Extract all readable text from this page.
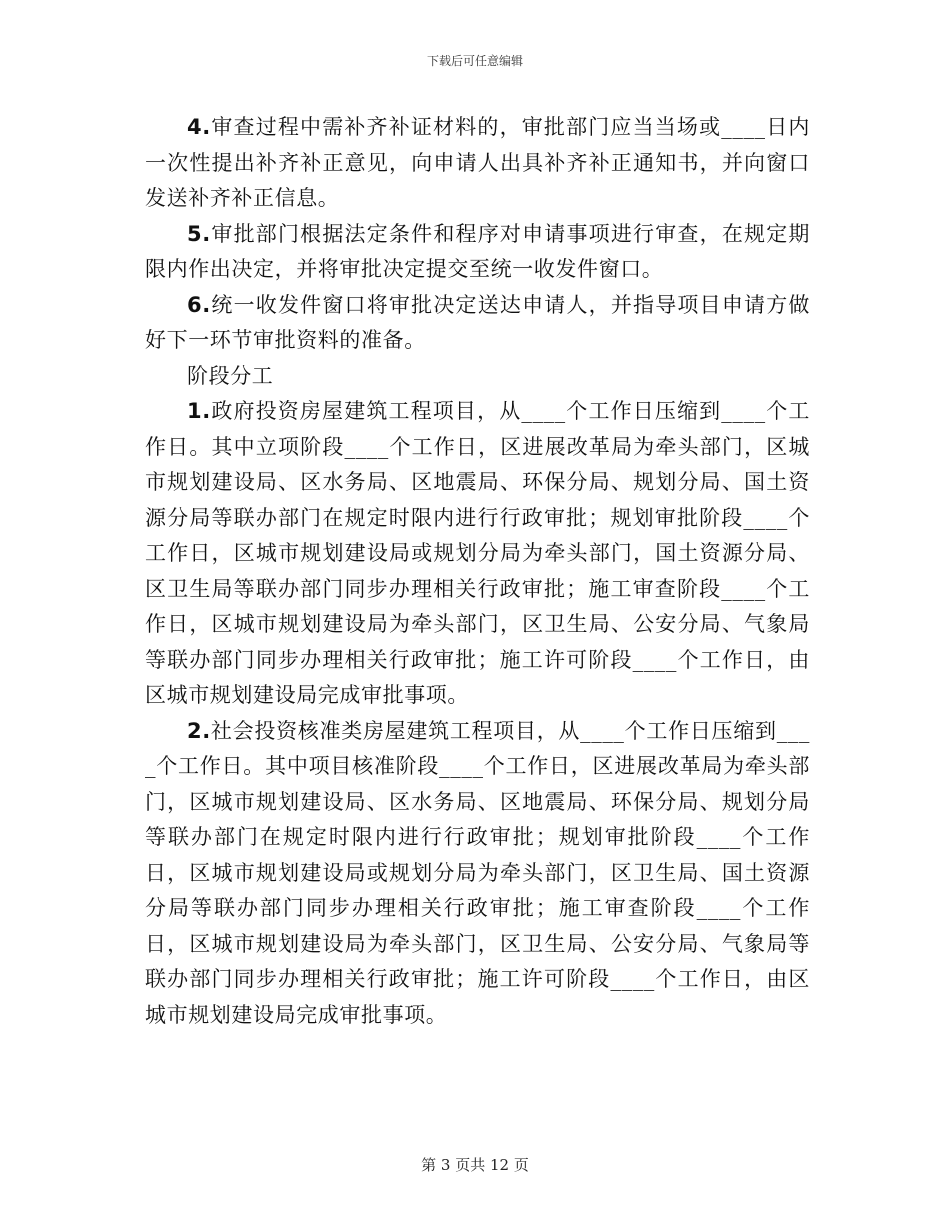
下载后可任意编辑

4.审查过程中需补齐补证材料的，审批部门应当当场或____日内一次性提出补齐补正意见，向申请人出具补齐补正通知书，并向窗口发送补齐补正信息。

5.审批部门根据法定条件和程序对申请事项进行审查，在规定期限内作出决定，并将审批决定提交至统一收发件窗口。

6.统一收发件窗口将审批决定送达申请人，并指导项目申请方做好下一环节审批资料的准备。

阶段分工

1.政府投资房屋建筑工程项目，从____个工作日压缩到____个工作日。其中立项阶段____个工作日，区进展改革局为牵头部门，区城市规划建设局、区水务局、区地震局、环保分局、规划分局、国土资源分局等联办部门在规定时限内进行行政审批；规划审批阶段____个工作日，区城市规划建设局或规划分局为牵头部门，国土资源分局、区卫生局等联办部门同步办理相关行政审批；施工审查阶段____个工作日，区城市规划建设局为牵头部门，区卫生局、公安分局、气象局等联办部门同步办理相关行政审批；施工许可阶段____个工作日，由区城市规划建设局完成审批事项。

2.社会投资核准类房屋建筑工程项目，从____个工作日压缩到____个工作日。其中项目核准阶段____个工作日，区进展改革局为牵头部门，区城市规划建设局、区水务局、区地震局、环保分局、规划分局等联办部门在规定时限内进行行政审批；规划审批阶段____个工作日，区城市规划建设局或规划分局为牵头部门，区卫生局、国土资源分局等联办部门同步办理相关行政审批；施工审查阶段____个工作日，区城市规划建设局为牵头部门，区卫生局、公安分局、气象局等联办部门同步办理相关行政审批；施工许可阶段____个工作日，由区城市规划建设局完成审批事项。

第 3 页共 12 页
